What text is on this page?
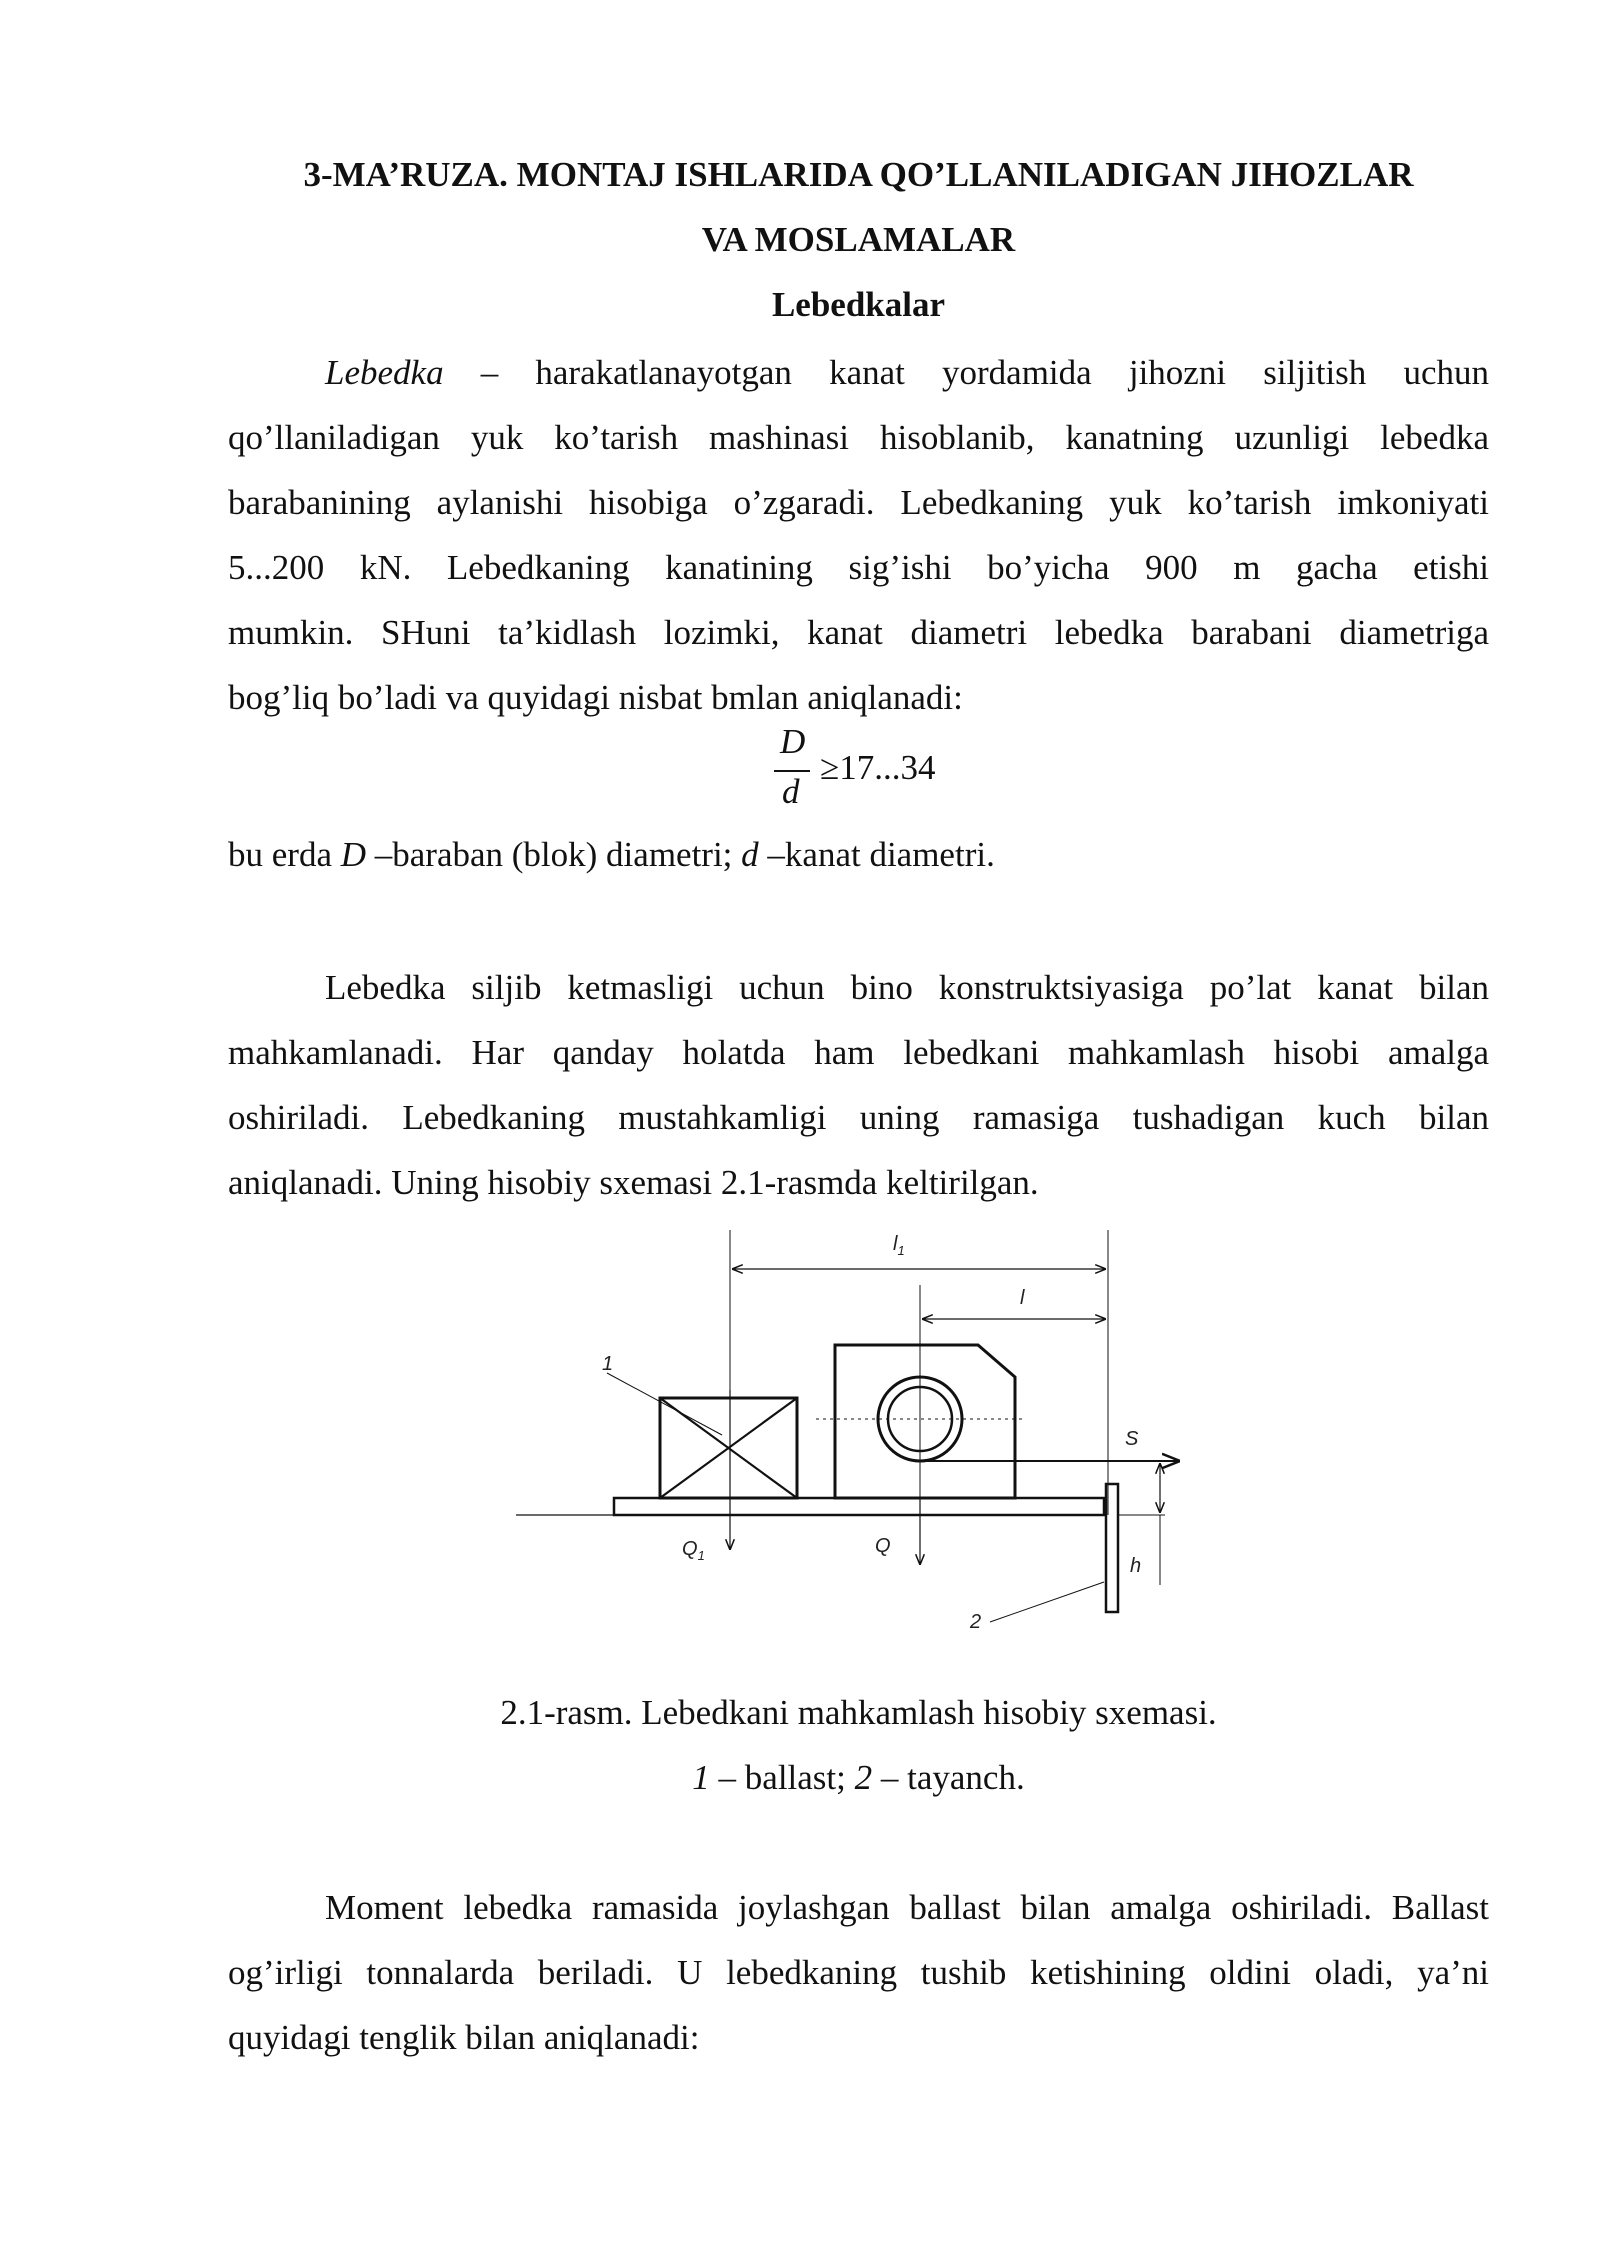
3-MA’RUZA. MONTAJ ISHLARIDA QO’LLANILADIGAN JIHOZLAR

VA MOSLAMALAR

Lebedkalar

Lebedka – harakatlanayotgan kanat yordamida jihozni siljitish uchun
qo’llaniladigan yuk ko’tarish mashinasi hisoblanib, kanatning uzunligi lebedka
barabanining aylanishi hisobiga o’zgaradi. Lebedkaning yuk ko’tarish imkoniyati
5...200 kN. Lebedkaning kanatining sig’ishi bo’yicha 900 m gacha etishi
mumkin. SHuni ta’kidlash lozimki, kanat diametri lebedka barabani diametriga
bog’liq bo’ladi va quyidagi nisbat bmlan aniqlanadi:
D
d
≥17...34
bu erda D –baraban (blok) diametri; d –kanat diametri.
Lebedka siljib ketmasligi uchun bino konstruktsiyasiga po’lat kanat bilan
mahkamlanadi. Har qanday holatda ham lebedkani mahkamlash hisobi amalga
oshiriladi. Lebedkaning mustahkamligi uning ramasiga tushadigan kuch bilan
aniqlanadi. Uning hisobiy sxemasi 2.1-rasmda keltirilgan.
$l_1$
l
1
S
h
$Q_1$	Q
2

2.1-rasm. Lebedkani mahkamlash hisobiy sxemasi.

1 – ballast; 2 – tayanch.

Moment lebedka ramasida joylashgan ballast bilan amalga oshiriladi. Ballast
og’irligi tonnalarda beriladi. U lebedkaning tushib ketishining oldini oladi, ya’ni
quyidagi tenglik bilan aniqlanadi:
